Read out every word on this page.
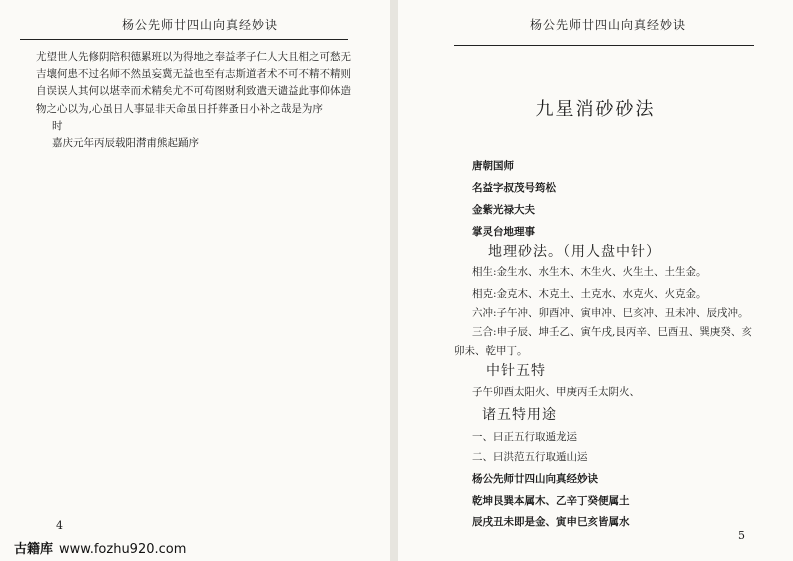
杨公先师廿四山向真经妙诀
尤望世人先修阴陪积德累班以为得地之奉益孝子仁人大且相之可愁无吉壤何患不过名师不然虽妄冀无益也至有志斯道者术不可不精不精则自误误人其何以堪幸而术精矣尤不可苟图财利致遣天谴益此事仰体造物之心以为,心虽日人事显非天命虽日扦葬蚤日小补之哉是为序
时
嘉庆元年丙辰载阳潸甫熊起踊序
4
古籍库 www.fozhu920.com
杨公先师廿四山向真经妙诀
九星消砂砂法
唐朝国师
名益字叔茂号筠松
金紫光禄大夫
掌灵台地理事
地理砂法。（用人盘中针）
相生:金生水、水生木、木生火、火生土、土生金。
相克:金克木、木克土、土克水、水克火、火克金。
六冲:子午冲、卯酉冲、寅申冲、巳亥冲、丑未冲、辰戌冲。
三合:申子辰、坤壬乙、寅午戌,艮丙辛、巳酉丑、巽庚癸、亥
卯未、乾甲丁。
中针五特
子午卯酉太阳火、甲庚丙壬太阴火、
诸五特用途
一、曰正五行取遁龙运
二、曰洪范五行取遁山运
杨公先师廿四山向真经妙诀
乾坤艮巽本属木、乙辛丁癸便属土
辰戌丑未即是金、寅申巳亥皆属水
5
